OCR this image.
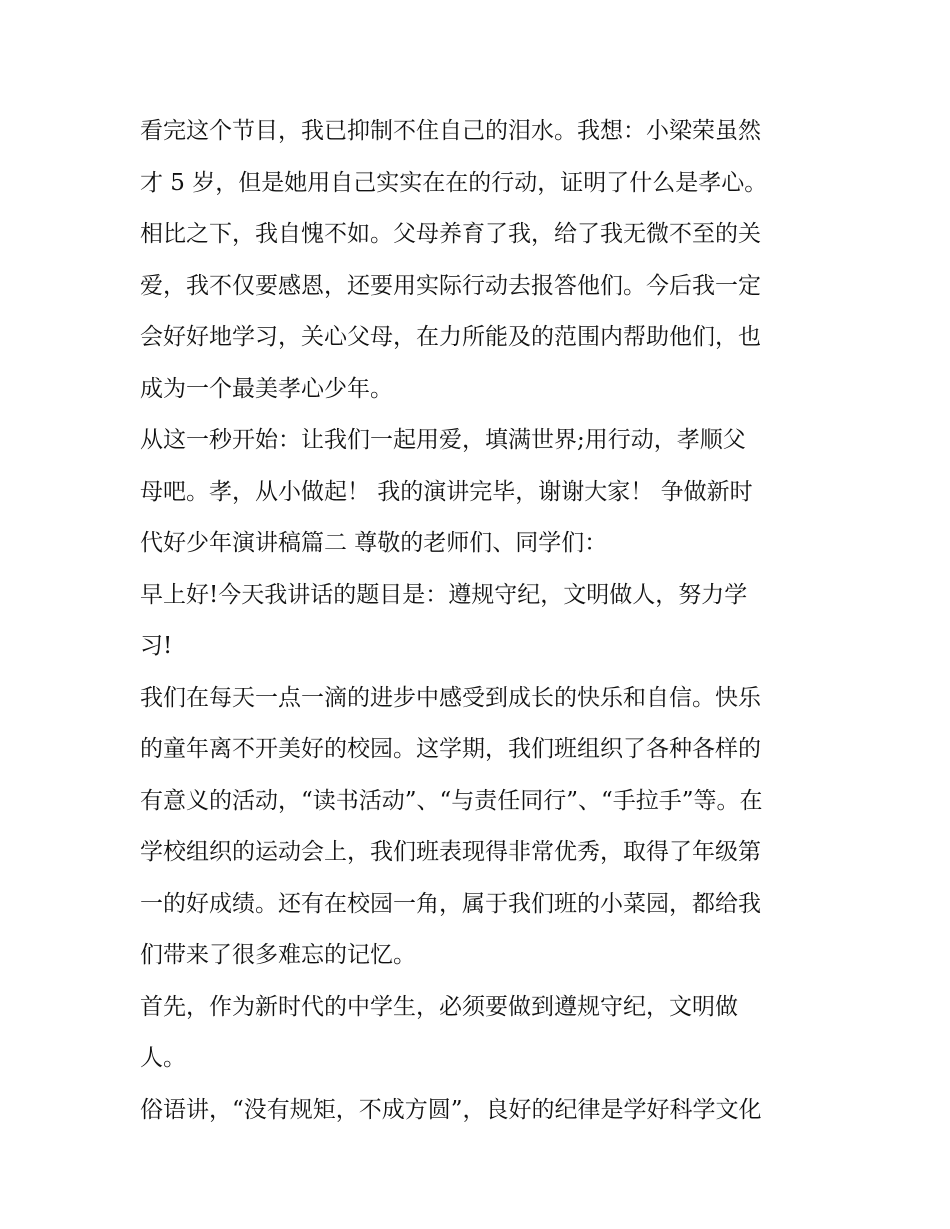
看完这个节目，我已抑制不住自己的泪水。我想：小梁荣虽然
才 5 岁，但是她用自己实实在在的行动，证明了什么是孝心。
相比之下，我自愧不如。父母养育了我，给了我无微不至的关
爱，我不仅要感恩，还要用实际行动去报答他们。今后我一定
会好好地学习，关心父母，在力所能及的范围内帮助他们，也
成为一个最美孝心少年。
从这一秒开始：让我们一起用爱，填满世界;用行动，孝顺父
母吧。孝，从小做起！ 我的演讲完毕，谢谢大家！ 争做新时
代好少年演讲稿篇二 尊敬的老师们、同学们：
早上好!今天我讲话的题目是：遵规守纪，文明做人，努力学
习!
我们在每天一点一滴的进步中感受到成长的快乐和自信。快乐
的童年离不开美好的校园。这学期，我们班组织了各种各样的
有意义的活动，“读书活动”、“与责任同行”、“手拉手”等。在
学校组织的运动会上，我们班表现得非常优秀，取得了年级第
一的好成绩。还有在校园一角，属于我们班的小菜园，都给我
们带来了很多难忘的记忆。
首先，作为新时代的中学生，必须要做到遵规守纪，文明做
人。
俗语讲，“没有规矩，不成方圆”，良好的纪律是学好科学文化
